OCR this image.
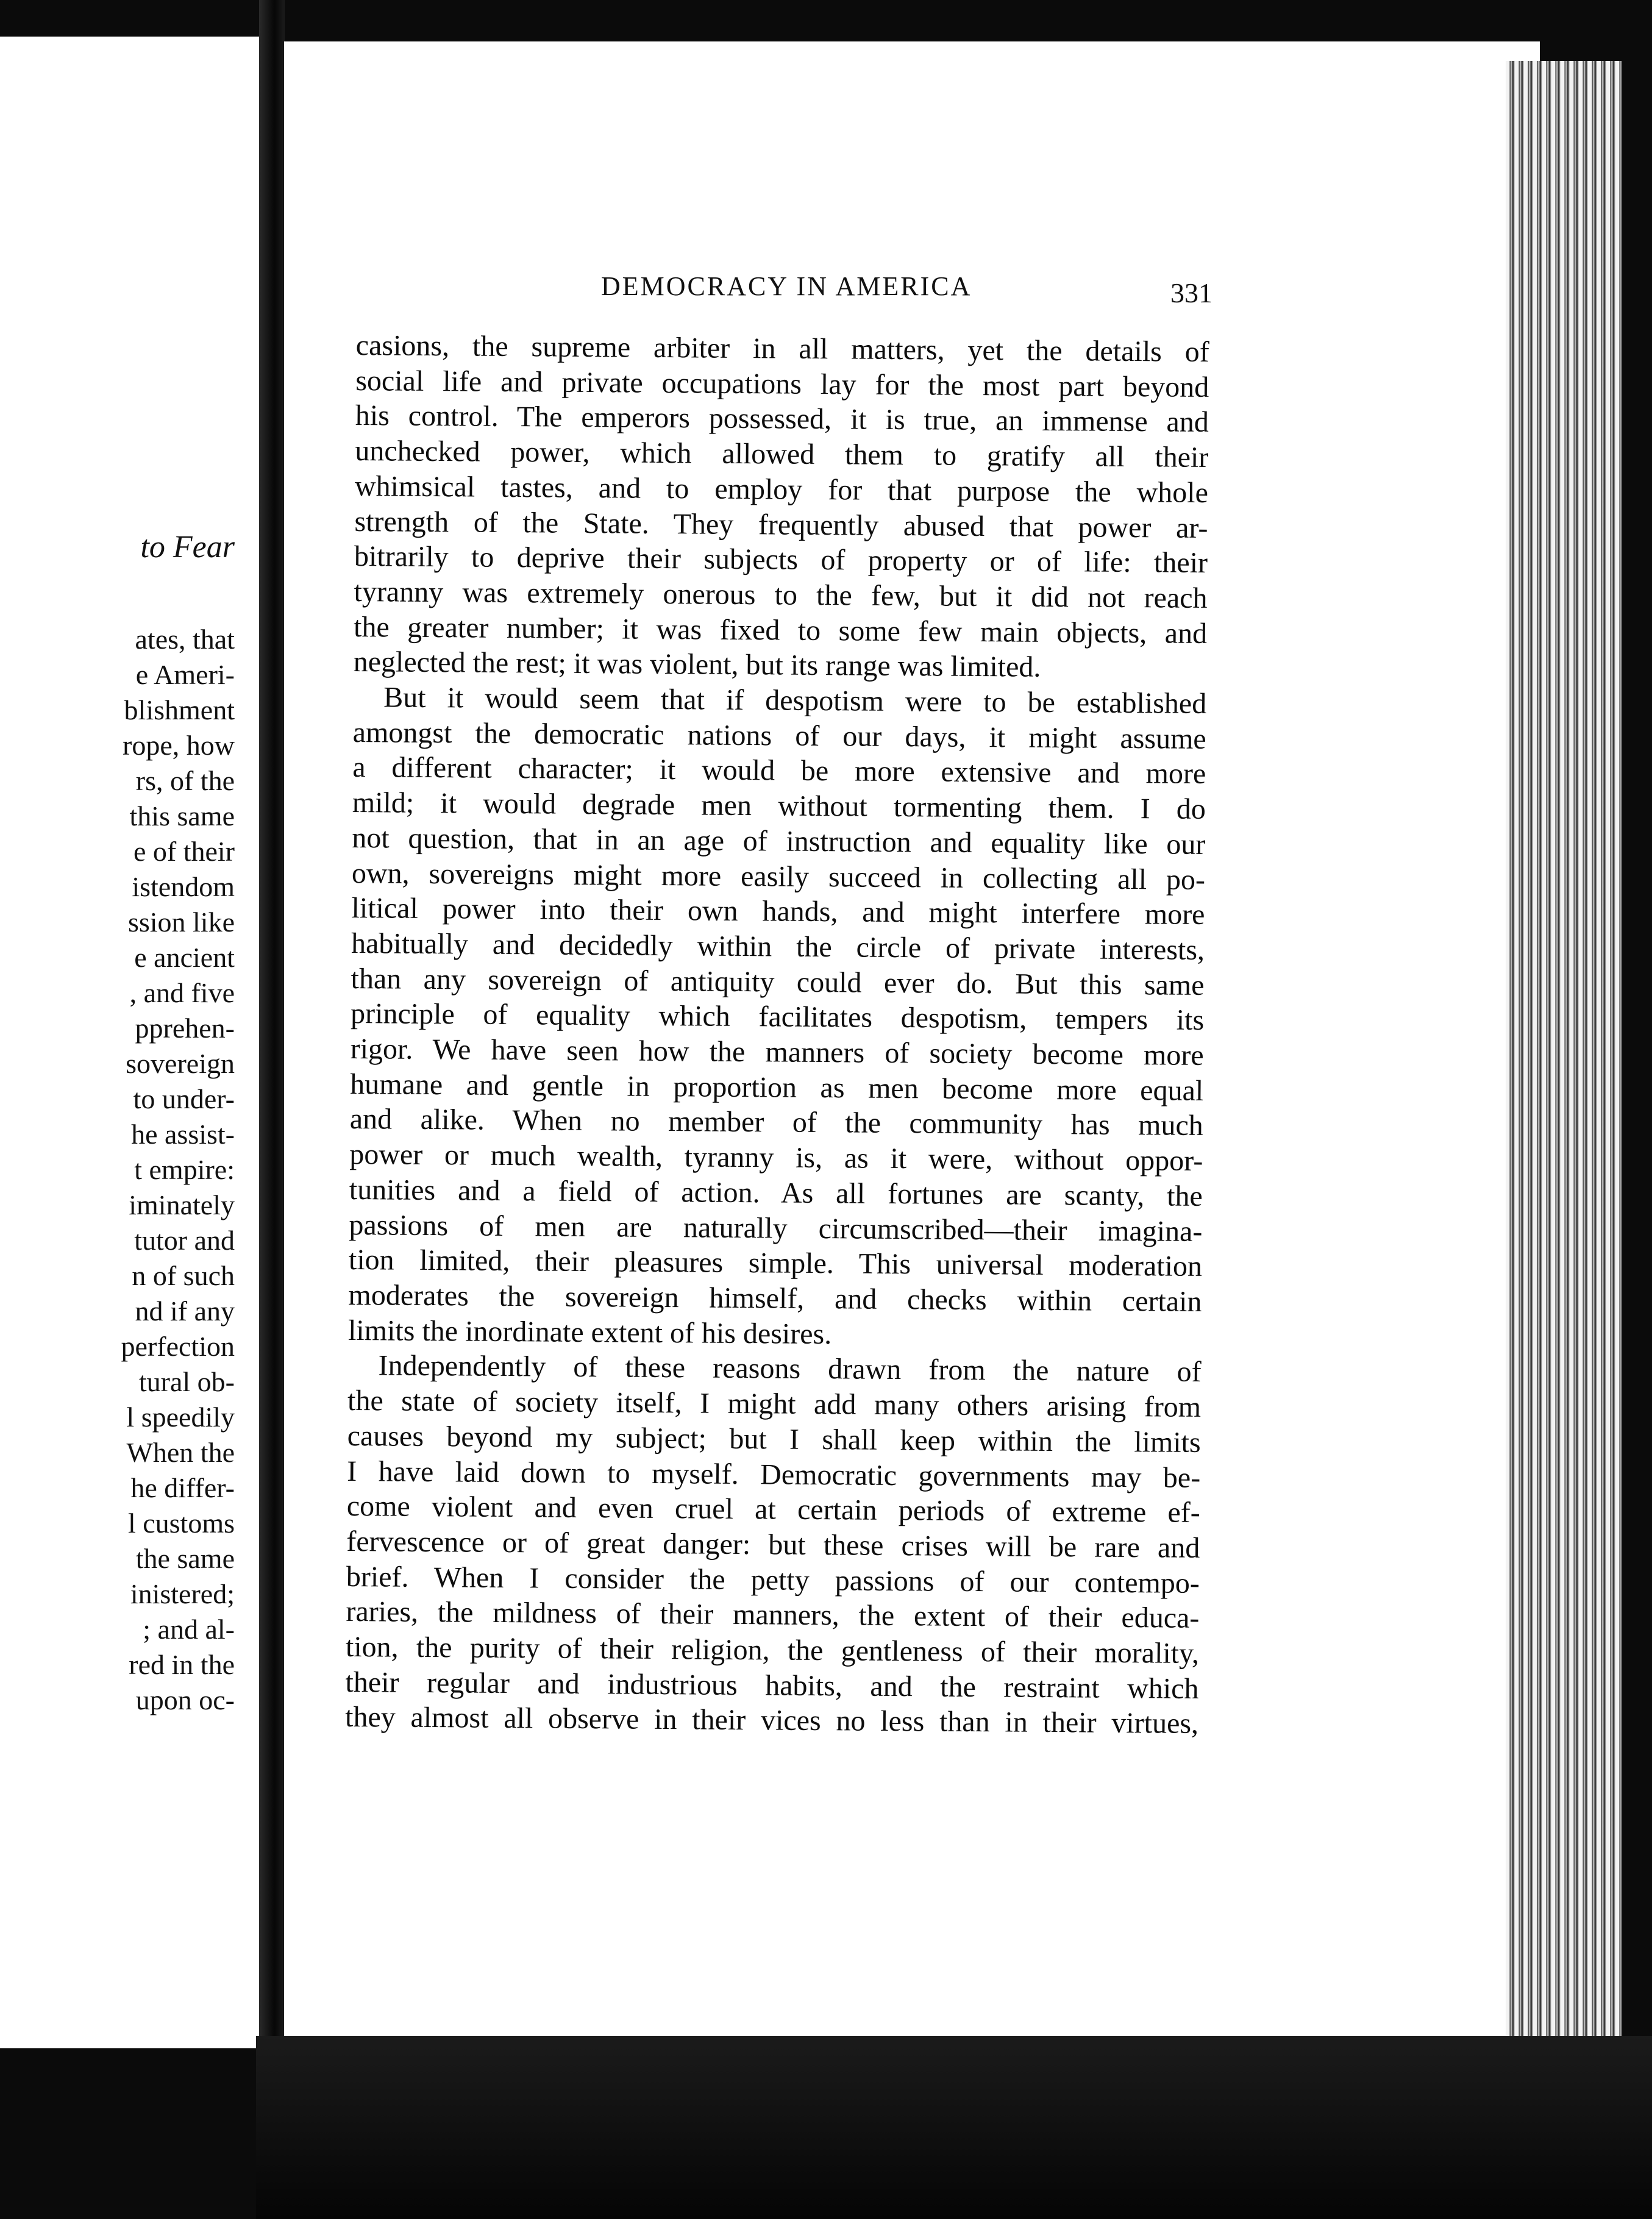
to Fear
ates, that
e Ameri-
blishment
rope, how
rs, of the
this same
e of their
istendom
ssion like
e ancient
, and five
pprehen-
sovereign
to under-
he assist-
t empire:
iminately
tutor and
n of such
nd if any
perfection
tural ob-
l speedily
When the
he differ-
l customs
the same
inistered;
; and al-
red in the
upon oc-
DEMOCRACY IN AMERICA	331
casions, the supreme arbiter in all matters, yet the details of
social life and private occupations lay for the most part beyond
his control. The emperors possessed, it is true, an immense and
unchecked power, which allowed them to gratify all their
whimsical tastes, and to employ for that purpose the whole
strength of the State. They frequently abused that power ar-
bitrarily to deprive their subjects of property or of life: their
tyranny was extremely onerous to the few, but it did not reach
the greater number; it was fixed to some few main objects, and
neglected the rest; it was violent, but its range was limited.
But it would seem that if despotism were to be established
amongst the democratic nations of our days, it might assume
a different character; it would be more extensive and more
mild; it would degrade men without tormenting them. I do
not question, that in an age of instruction and equality like our
own, sovereigns might more easily succeed in collecting all po-
litical power into their own hands, and might interfere more
habitually and decidedly within the circle of private interests,
than any sovereign of antiquity could ever do. But this same
principle of equality which facilitates despotism, tempers its
rigor. We have seen how the manners of society become more
humane and gentle in proportion as men become more equal
and alike. When no member of the community has much
power or much wealth, tyranny is, as it were, without oppor-
tunities and a field of action. As all fortunes are scanty, the
passions of men are naturally circumscribed—their imagina-
tion limited, their pleasures simple. This universal moderation
moderates the sovereign himself, and checks within certain
limits the inordinate extent of his desires.
Independently of these reasons drawn from the nature of
the state of society itself, I might add many others arising from
causes beyond my subject; but I shall keep within the limits
I have laid down to myself. Democratic governments may be-
come violent and even cruel at certain periods of extreme ef-
fervescence or of great danger: but these crises will be rare and
brief. When I consider the petty passions of our contempo-
raries, the mildness of their manners, the extent of their educa-
tion, the purity of their religion, the gentleness of their morality,
their regular and industrious habits, and the restraint which
they almost all observe in their vices no less than in their virtues,
